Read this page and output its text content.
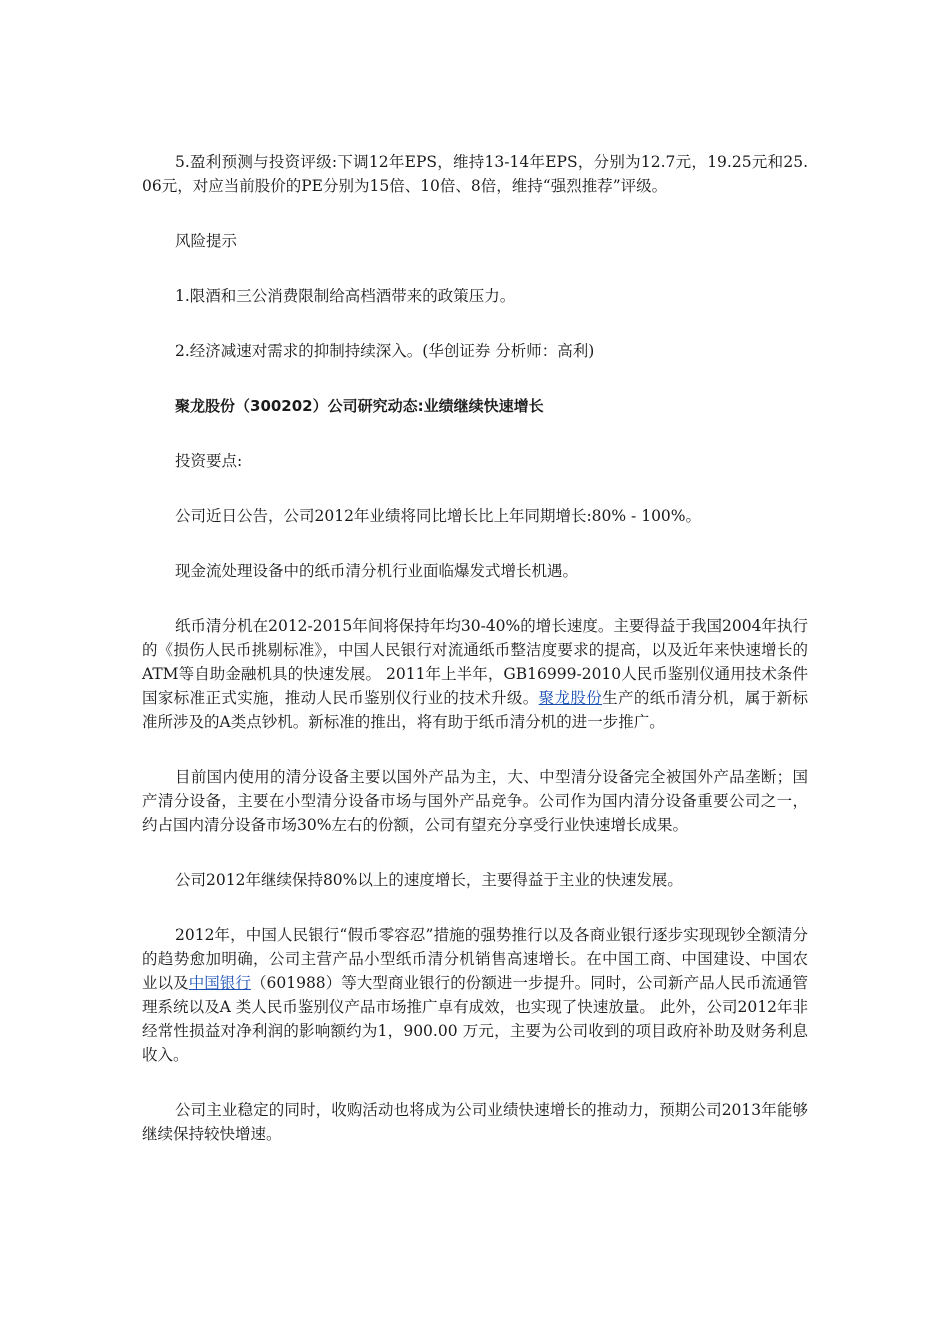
5.盈利预测与投资评级:下调12年EPS，维持13-14年EPS，分别为12.7元，19.25元和25.06元，对应当前股价的PE分别为15倍、10倍、8倍，维持“强烈推荐”评级。

风险提示

1.限酒和三公消费限制给高档酒带来的政策压力。

2.经济减速对需求的抑制持续深入。(华创证券 分析师：高利)

聚龙股份（300202）公司研究动态:业绩继续快速增长

投资要点:

公司近日公告，公司2012年业绩将同比增长比上年同期增长:80% - 100%。

现金流处理设备中的纸币清分机行业面临爆发式增长机遇。

纸币清分机在2012-2015年间将保持年均30-40%的增长速度。主要得益于我国2004年执行的《损伤人民币挑剔标准》，中国人民银行对流通纸币整洁度要求的提高，以及近年来快速增长的ATM等自助金融机具的快速发展。 2011年上半年，GB16999-2010人民币鉴别仪通用技术条件国家标准正式实施，推动人民币鉴别仪行业的技术升级。聚龙股份生产的纸币清分机，属于新标准所涉及的A类点钞机。新标准的推出，将有助于纸币清分机的进一步推广。

目前国内使用的清分设备主要以国外产品为主，大、中型清分设备完全被国外产品垄断；国产清分设备，主要在小型清分设备市场与国外产品竞争。公司作为国内清分设备重要公司之一，约占国内清分设备市场30%左右的份额，公司有望充分享受行业快速增长成果。

公司2012年继续保持80%以上的速度增长，主要得益于主业的快速发展。

2012年，中国人民银行“假币零容忍”措施的强势推行以及各商业银行逐步实现现钞全额清分的趋势愈加明确，公司主营产品小型纸币清分机销售高速增长。在中国工商、中国建设、中国农业以及中国银行（601988）等大型商业银行的份额进一步提升。同时，公司新产品人民币流通管理系统以及A 类人民币鉴别仪产品市场推广卓有成效，也实现了快速放量。 此外，公司2012年非经常性损益对净利润的影响额约为1，900.00 万元，主要为公司收到的项目政府补助及财务利息收入。

公司主业稳定的同时，收购活动也将成为公司业绩快速增长的推动力，预期公司2013年能够继续保持较快增速。
